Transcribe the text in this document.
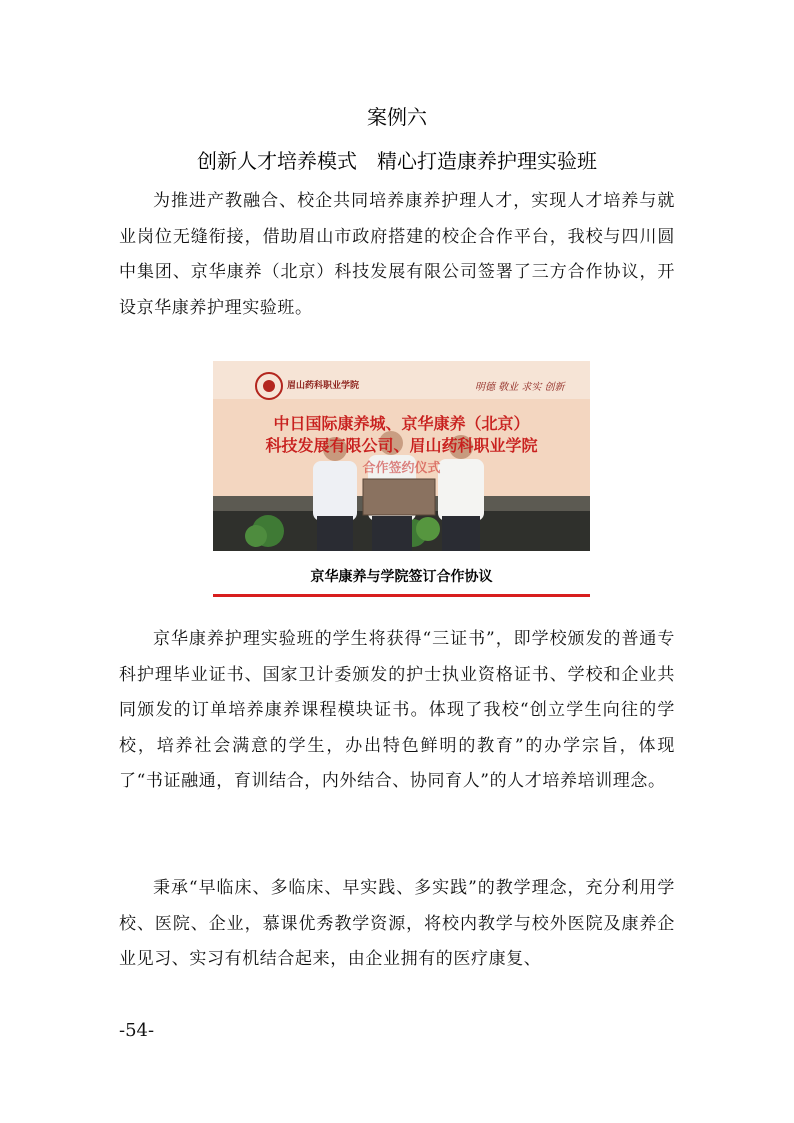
案例六
创新人才培养模式　精心打造康养护理实验班

为推进产教融合、校企共同培养康养护理人才，实现人才培养与就业岗位无缝衔接，借助眉山市政府搭建的校企合作平台，我校与四川圆中集团、京华康养（北京）科技发展有限公司签署了三方合作协议，开设京华康养护理实验班。

眉山药科职业学院	明德 敬业 求实 创新
中日国际康养城、京华康养（北京）
科技发展有限公司、眉山药科职业学院
合作签约仪式
京华康养与学院签订合作协议

京华康养护理实验班的学生将获得“三证书”，即学校颁发的普通专科护理毕业证书、国家卫计委颁发的护士执业资格证书、学校和企业共同颁发的订单培养康养课程模块证书。体现了我校“创立学生向往的学校，培养社会满意的学生，办出特色鲜明的教育”的办学宗旨，体现了“书证融通，育训结合，内外结合、协同育人”的人才培养培训理念。

秉承“早临床、多临床、早实践、多实践”的教学理念，充分利用学校、医院、企业，慕课优秀教学资源，将校内教学与校外医院及康养企业见习、实习有机结合起来，由企业拥有的医疗康复、

-54-
